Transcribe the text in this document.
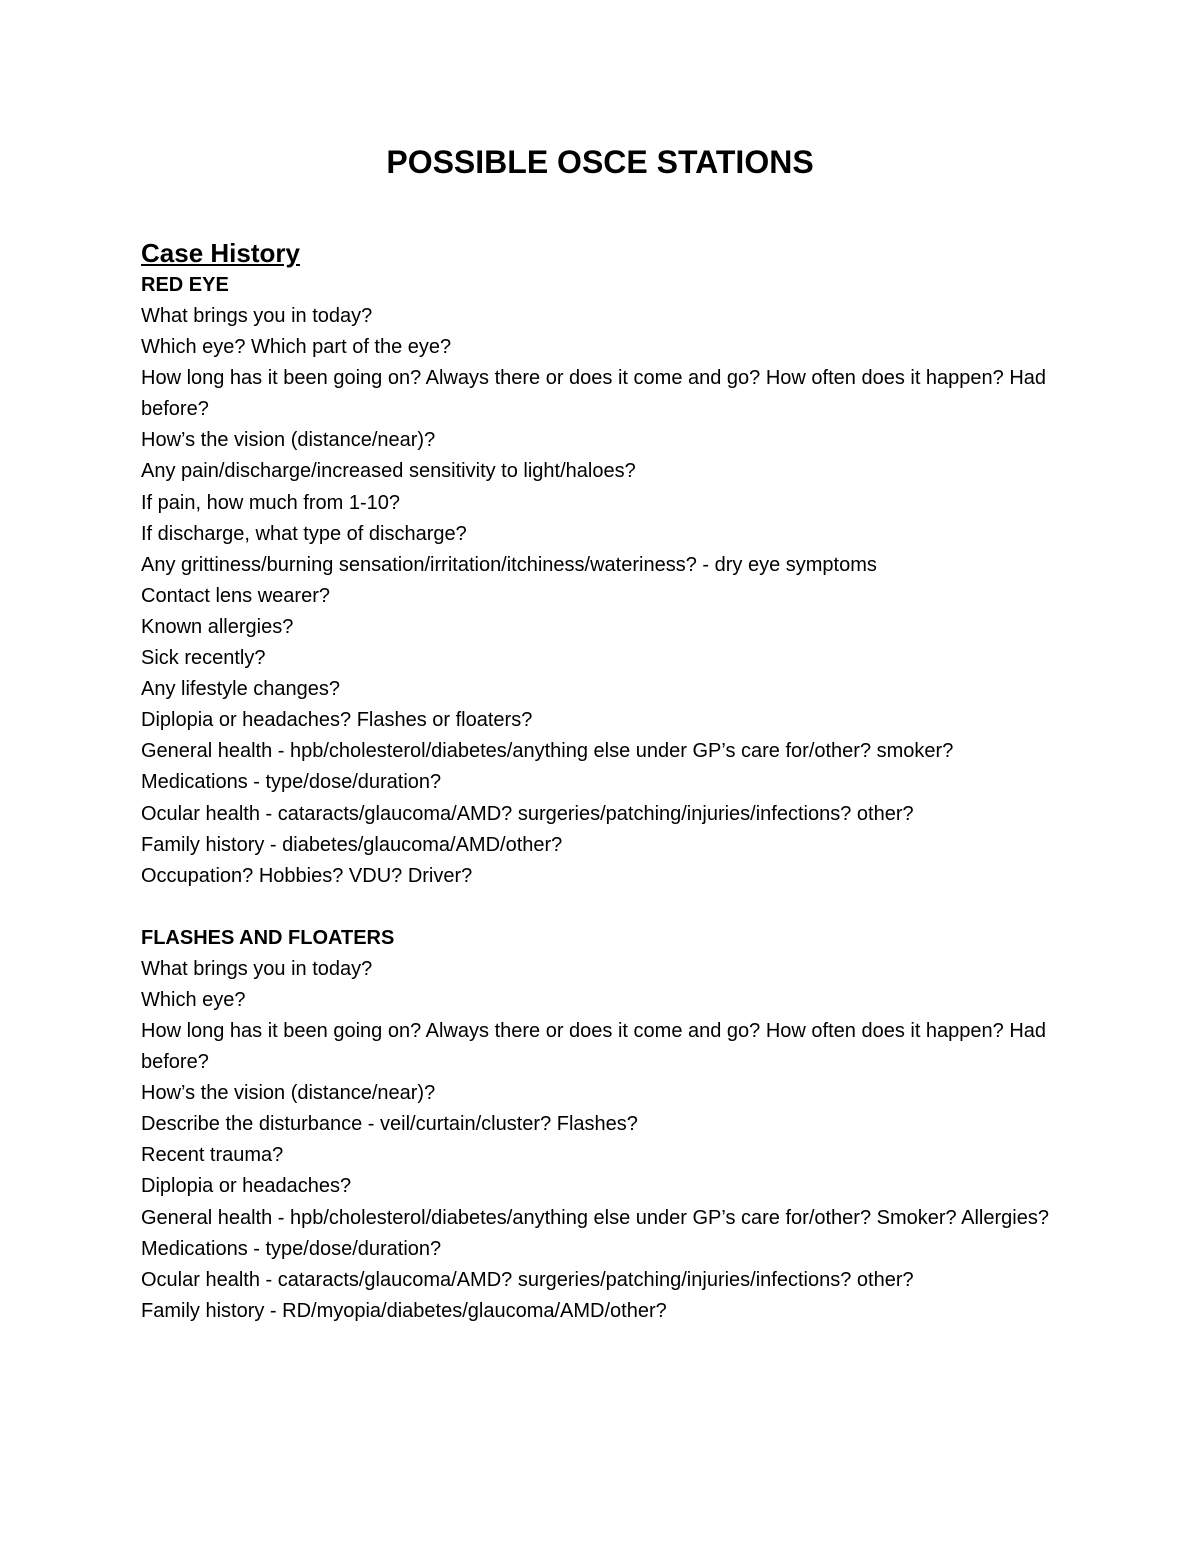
POSSIBLE OSCE STATIONS
Case History
RED EYE
What brings you in today?
Which eye? Which part of the eye?
How long has it been going on? Always there or does it come and go? How often does it happen? Had before?
How’s the vision (distance/near)?
Any pain/discharge/increased sensitivity to light/haloes?
If pain, how much from 1-10?
If discharge, what type of discharge?
Any grittiness/burning sensation/irritation/itchiness/wateriness? - dry eye symptoms
Contact lens wearer?
Known allergies?
Sick recently?
Any lifestyle changes?
Diplopia or headaches? Flashes or floaters?
General health - hpb/cholesterol/diabetes/anything else under GP’s care for/other? smoker?
Medications - type/dose/duration?
Ocular health - cataracts/glaucoma/AMD? surgeries/patching/injuries/infections? other?
Family history - diabetes/glaucoma/AMD/other?
Occupation? Hobbies? VDU? Driver?
FLASHES AND FLOATERS
What brings you in today?
Which eye?
How long has it been going on? Always there or does it come and go? How often does it happen? Had before?
How’s the vision (distance/near)?
Describe the disturbance - veil/curtain/cluster? Flashes?
Recent trauma?
Diplopia or headaches?
General health - hpb/cholesterol/diabetes/anything else under GP’s care for/other? Smoker? Allergies?
Medications - type/dose/duration?
Ocular health - cataracts/glaucoma/AMD? surgeries/patching/injuries/infections? other?
Family history - RD/myopia/diabetes/glaucoma/AMD/other?
